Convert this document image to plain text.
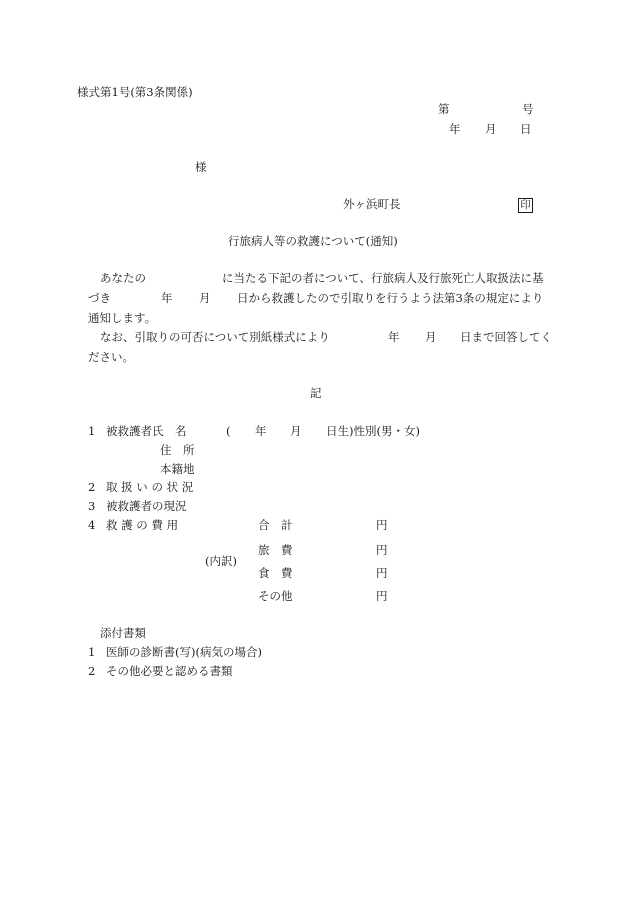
様式第1号(第3条関係)
第	号
年 月 日
様
外ヶ浜町長	印
行旅病人等の救護について(通知)
あなたの	に当たる下記の者について、行旅病人及行旅死亡人取扱法に基
づき	年 月 日から救護したので引取りを行うよう法第3条の規定により
通知します。
なお、引取りの可否について別紙様式により	年 月 日まで回答してく
ださい。
記
1 被救護者氏　名	( 年 月 日生)性別(男・女)
住　所
本籍地
2 取 扱 い の 状 況
3 被救護者の現況
4 救 護 の 費 用	合　計	円
旅　費	円
(内訳)
食　費	円
その他	円
添付書類
1 医師の診断書(写)(病気の場合)
2 その他必要と認める書類
